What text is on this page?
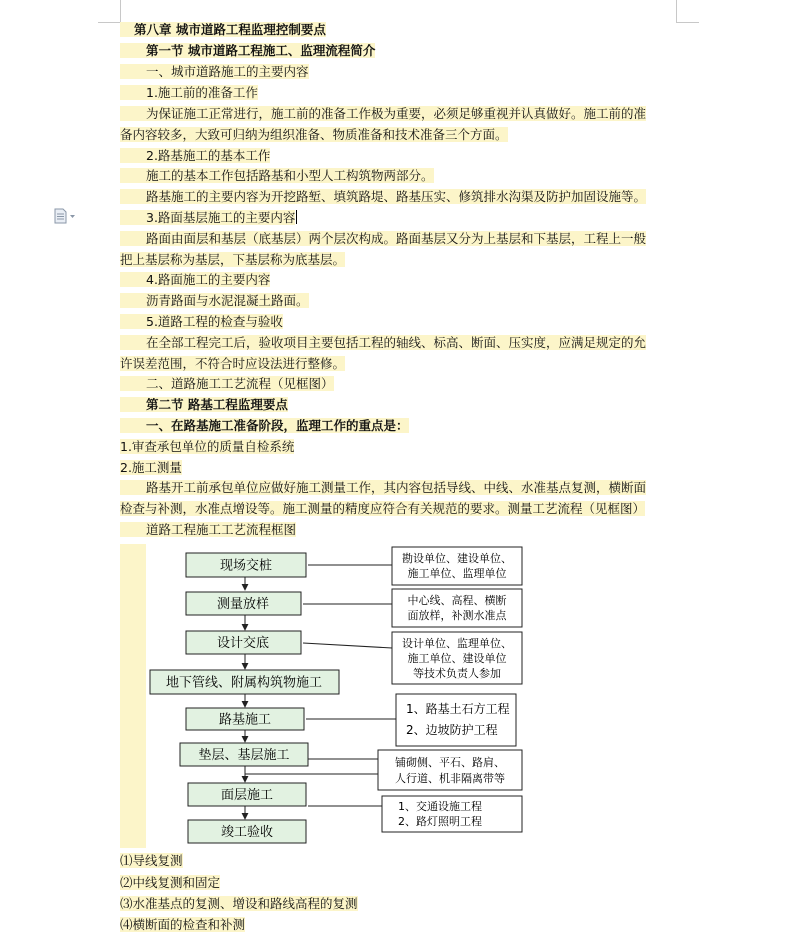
第八章 城市道路工程监理控制要点
第一节 城市道路工程施工、监理流程简介
一、城市道路施工的主要内容
1.施工前的准备工作
为保证施工正常进行，施工前的准备工作极为重要，必须足够重视并认真做好。施工前的准
备内容较多，大致可归纳为组织准备、物质准备和技术准备三个方面。
2.路基施工的基本工作
施工的基本工作包括路基和小型人工构筑物两部分。
路基施工的主要内容为开挖路堑、填筑路堤、路基压实、修筑排水沟渠及防护加固设施等。
3.路面基层施工的主要内容
路面由面层和基层（底基层）两个层次构成。路面基层又分为上基层和下基层，工程上一般
把上基层称为基层，下基层称为底基层。
4.路面施工的主要内容
沥青路面与水泥混凝土路面。
5.道路工程的检查与验收
在全部工程完工后，验收项目主要包括工程的轴线、标高、断面、压实度，应满足规定的允
许误差范围，不符合时应设法进行整修。
二、道路施工工艺流程（见框图）
第二节 路基工程监理要点
一、在路基施工准备阶段，监理工作的重点是：
1.审查承包单位的质量自检系统
2.施工测量
路基开工前承包单位应做好施工测量工作，其内容包括导线、中线、水准基点复测，横断面
检查与补测，水准点增设等。施工测量的精度应符合有关规范的要求。测量工艺流程（见框图）
道路工程施工工艺流程框图
现场交桩
测量放样
设计交底
地下管线、附属构筑物施工
路基施工
垫层、基层施工
面层施工
竣工验收
勘设单位、建设单位、
施工单位、监理单位
中心线、高程、横断
面放样，补测水准点
设计单位、监理单位、
施工单位、建设单位
等技术负责人参加
1、路基土石方工程
2、边坡防护工程
铺砌侧、平石、路肩、
人行道、机非隔离带等
1、交通设施工程
2、路灯照明工程
⑴导线复测
⑵中线复测和固定
⑶水准基点的复测、增设和路线高程的复测
⑷横断面的检查和补测
